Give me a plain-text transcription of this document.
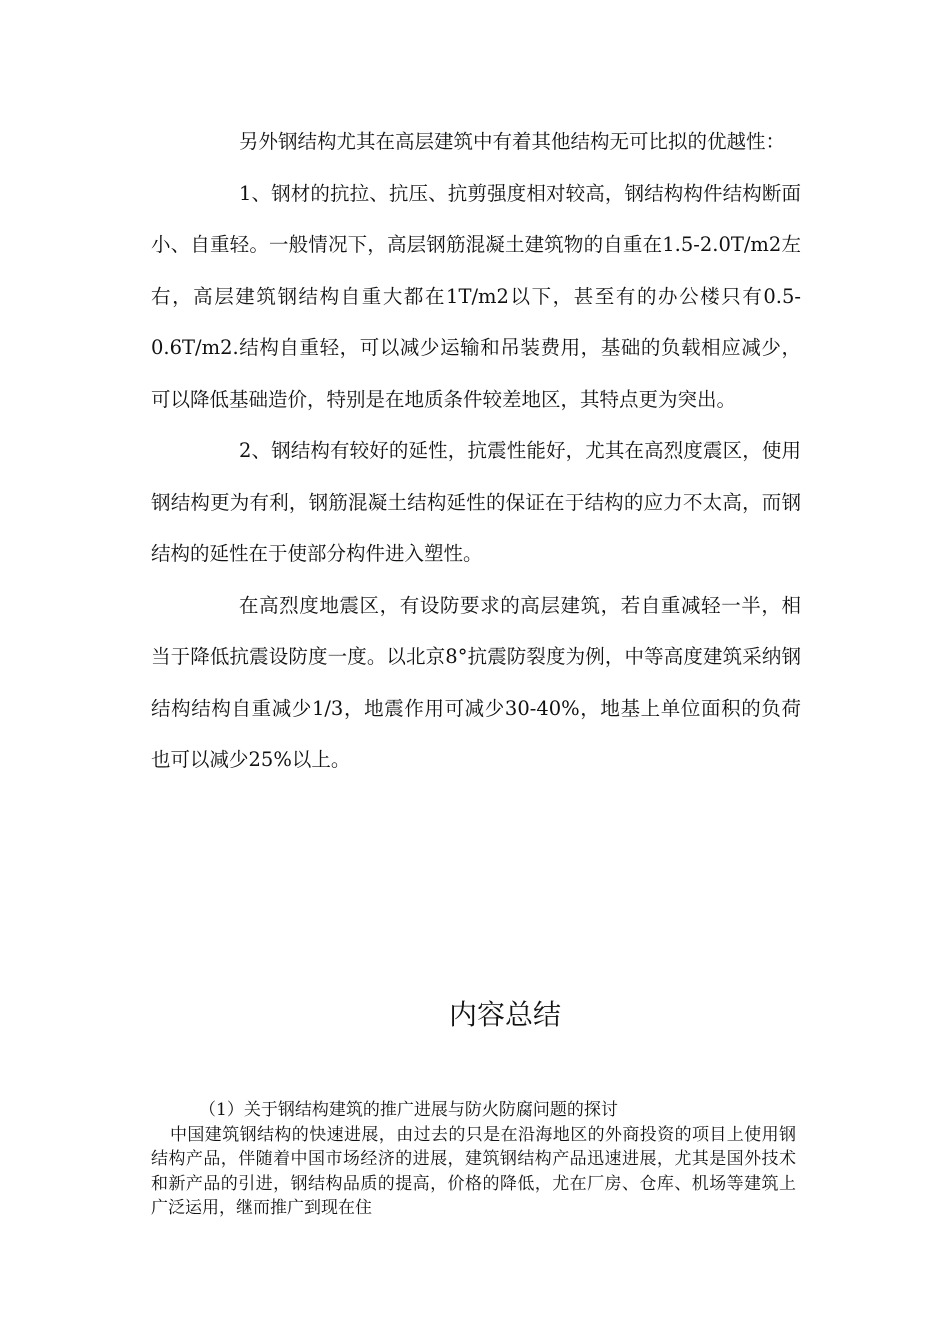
另外钢结构尤其在高层建筑中有着其他结构无可比拟的优越性：

1、钢材的抗拉、抗压、抗剪强度相对较高，钢结构构件结构断面小、自重轻。一般情况下，高层钢筋混凝土建筑物的自重在1.5-2.0T/m2左右，高层建筑钢结构自重大都在1T/m2以下，甚至有的办公楼只有0.5-0.6T/m2.结构自重轻，可以减少运输和吊装费用，基础的负载相应减少，可以降低基础造价，特别是在地质条件较差地区，其特点更为突出。

2、钢结构有较好的延性，抗震性能好，尤其在高烈度震区，使用钢结构更为有利，钢筋混凝土结构延性的保证在于结构的应力不太高，而钢结构的延性在于使部分构件进入塑性。

在高烈度地震区，有设防要求的高层建筑，若自重减轻一半，相当于降低抗震设防度一度。以北京8°抗震防裂度为例，中等高度建筑采纳钢结构结构自重减少1/3，地震作用可减少30-40%，地基上单位面积的负荷也可以减少25%以上。

内容总结

（1）关于钢结构建筑的推广进展与防火防腐问题的探讨

中国建筑钢结构的快速进展，由过去的只是在沿海地区的外商投资的项目上使用钢结构产品，伴随着中国市场经济的进展，建筑钢结构产品迅速进展，尤其是国外技术和新产品的引进，钢结构品质的提高，价格的降低，尤在厂房、仓库、机场等建筑上广泛运用，继而推广到现在住
